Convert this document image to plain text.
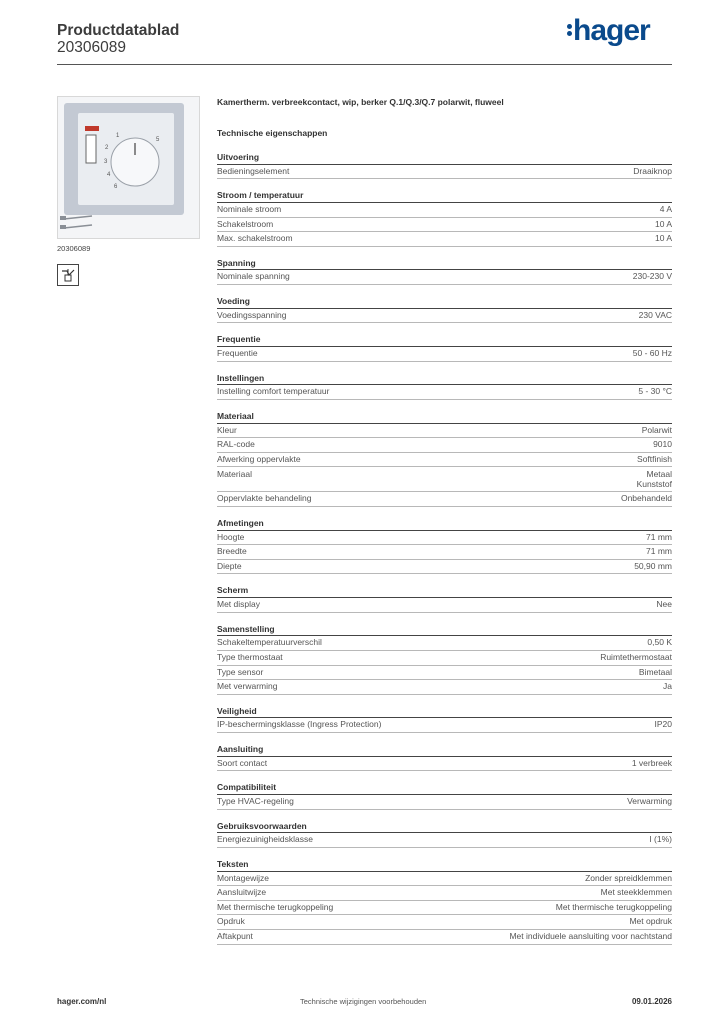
Productdatablad
20306089
hager
1
2
3
4
5
6
20306089
Kamertherm. verbreekcontact, wip, berker Q.1/Q.3/Q.7 polarwit, fluweel
Technische eigenschappen
Uitvoering
Bedieningselement	Draaiknop
Stroom / temperatuur
Nominale stroom	4 A
Schakelstroom	10 A
Max. schakelstroom	10 A
Spanning
Nominale spanning	230-230 V
Voeding
Voedingsspanning	230 VAC
Frequentie
Frequentie	50 - 60 Hz
Instellingen
Instelling comfort temperatuur	5 - 30 °C
Materiaal
Kleur	Polarwit
RAL-code	9010
Afwerking oppervlakte	Softfinish
Materiaal	Metaal
Kunststof
Oppervlakte behandeling	Onbehandeld
Afmetingen
Hoogte	71 mm
Breedte	71 mm
Diepte	50,90 mm
Scherm
Met display	Nee
Samenstelling
Schakeltemperatuurverschil	0,50 K
Type thermostaat	Ruimtethermostaat
Type sensor	Bimetaal
Met verwarming	Ja
Veiligheid
IP-beschermingsklasse (Ingress Protection)	IP20
Aansluiting
Soort contact	1 verbreek
Compatibiliteit
Type HVAC-regeling	Verwarming
Gebruiksvoorwaarden
Energiezuinigheidsklasse	I (1%)
Teksten
Montagewijze	Zonder spreidklemmen
Aansluitwijze	Met steekklemmen
Met thermische terugkoppeling	Met thermische terugkoppeling
Opdruk	Met opdruk
Aftakpunt	Met individuele aansluiting voor nachtstand
hager.com/nl	Technische wijzigingen voorbehouden	09.01.2026
